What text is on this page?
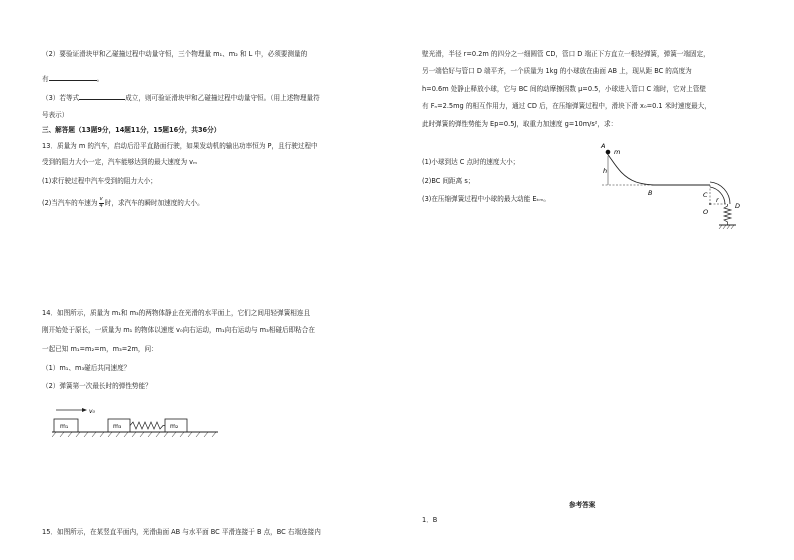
（2）要验证滑块甲和乙碰撞过程中动量守恒，三个物理量 m₁、m₂ 和 L 中，必须要测量的
有	。
（3）若等式	成立，则可验证滑块甲和乙碰撞过程中动量守恒。（用上述物理量符
号表示）
三、解答题（13题9分，14题11分，15题16分，共36分）
13．质量为 m 的汽车，启动后沿平直路面行驶，如果发动机的输出功率恒为 P，且行驶过程中
受到的阻力大小一定，汽车能够达到的最大速度为 vₘ
(1)求行驶过程中汽车受到的阻力大小；
(2)当汽车的车速为 $\frac{v}{4}$ 时，求汽车的瞬时加速度的大小。
14．如图所示，质量为 m₁和 m₃的两物体静止在光滑的水平面上，它们之间用轻弹簧相连且
刚开始处于原长，一质量为 m₁ 的物体以速度 v₀向右运动，m₁向右运动与 m₃相碰后即粘合在
一起已知 m₁=m₂=m，m₃=2m，问：
（1）m₁、m₃碰后共同速度？
（2）弹簧第一次最长时的弹性势能？
v₀
m₁	m₃	m₂
15．如图所示，在某竖直平面内，光滑曲面 AB 与水平面 BC 平滑连接于 B 点，BC 右端连接内
壁光滑，半径 r=0.2m 的四分之一细圆管 CD，管口 D 端正下方直立一根轻弹簧，弹簧一端固定，
另一端恰好与管口 D 端平齐，一个质量为 1kg 的小球放在曲面 AB 上，现从距 BC 的高度为
h=0.6m 处静止释放小球，它与 BC 间的动摩擦因数 μ=0.5，小球进入管口 C 端时，它对上管壁
有 Fₙ=2.5mg 的相互作用力，通过 CD 后，在压缩弹簧过程中，滑块下滑 x₀=0.1 米时速度最大，
此时弹簧的弹性势能为 Ep=0.5J，取重力加速度 g=10m/s²，求：
(1)小球到达 C 点时的速度大小；
(2)BC 间距离 s；
(3)在压缩弹簧过程中小球的最大动能 Eₖₘ。
A
m
h
B	C
O
r
D
参考答案
1．B
